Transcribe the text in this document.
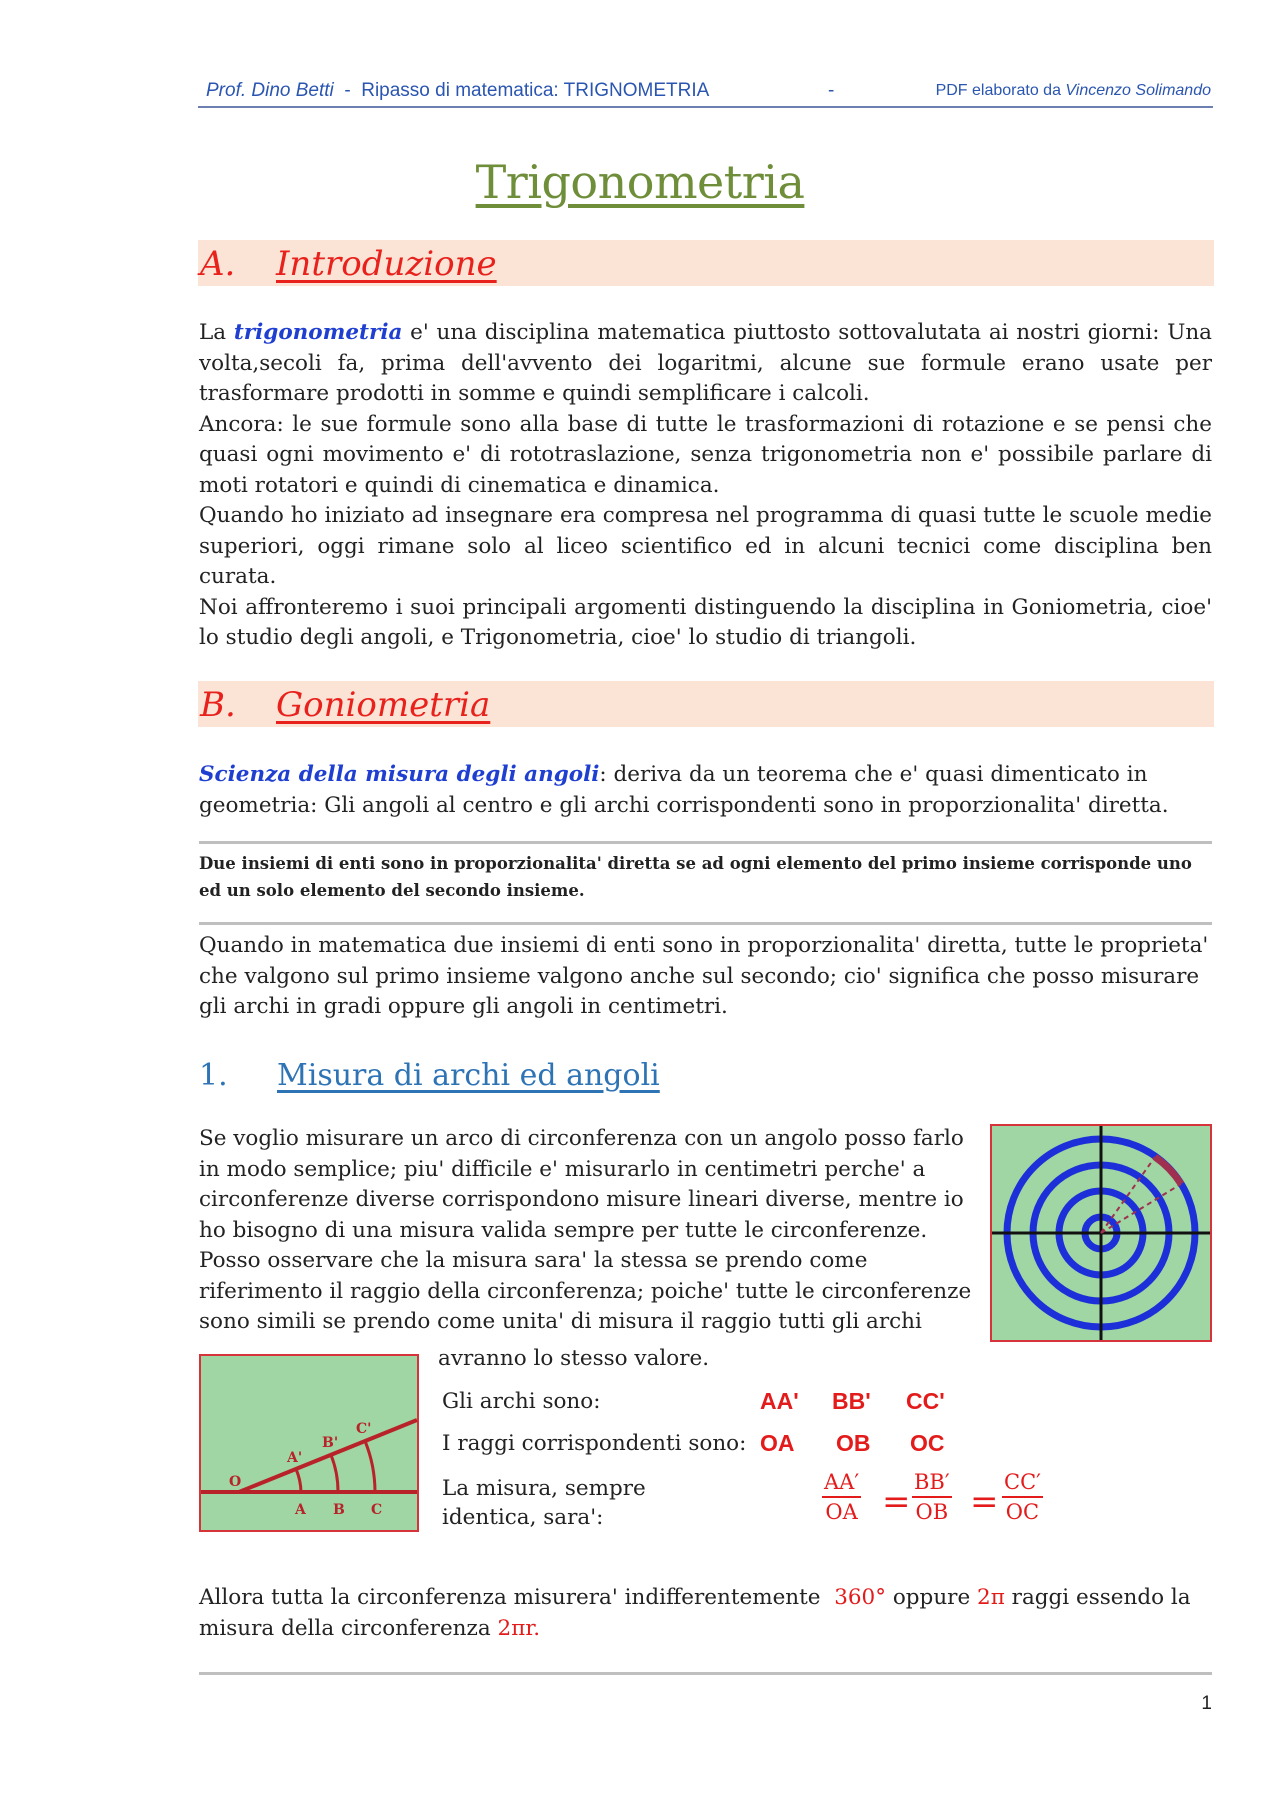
Prof. Dino Betti - Ripasso di matematica: TRIGNOMETRIA	-	PDF elaborato da Vincenzo Solimando
Trigonometria
A. Introduzione

La trigonometria e' una disciplina matematica piuttosto sottovalutata ai nostri giorni: Una volta,secoli fa, prima dell'avvento dei logaritmi, alcune sue formule erano usate per trasformare prodotti in somme e quindi semplificare i calcoli.

Ancora: le sue formule sono alla base di tutte le trasformazioni di rotazione e se pensi che quasi ogni movimento e' di rototraslazione, senza trigonometria non e' possibile parlare di moti rotatori e quindi di cinematica e dinamica.

Quando ho iniziato ad insegnare era compresa nel programma di quasi tutte le scuole medie superiori, oggi rimane solo al liceo scientifico ed in alcuni tecnici come disciplina ben curata.

Noi affronteremo i suoi principali argomenti distinguendo la disciplina in Goniometria, cioe' lo studio degli angoli, e Trigonometria, cioe' lo studio di triangoli.

B. Goniometria

Scienza della misura degli angoli: deriva da un teorema che e' quasi dimenticato in geometria: Gli angoli al centro e gli archi corrispondenti sono in proporzionalita' diretta.

Due insiemi di enti sono in proporzionalita' diretta se ad ogni elemento del primo insieme corrisponde uno ed un solo elemento del secondo insieme.

Quando in matematica due insiemi di enti sono in proporzionalita' diretta, tutte le proprieta' che valgono sul primo insieme valgono anche sul secondo; cio' significa che posso misurare gli archi in gradi oppure gli angoli in centimetri.

1. Misura di archi ed angoli

Se voglio misurare un arco di circonferenza con un angolo posso farlo

in modo semplice; piu' difficile e' misurarlo in centimetri perche' a

circonferenze diverse corrispondono misure lineari diverse, mentre io

ho bisogno di una misura valida sempre per tutte le circonferenze.

Posso osservare che la misura sara' la stessa se prendo come

riferimento il raggio della circonferenza; poiche' tutte le circonferenze

sono simili se prendo come unita' di misura il raggio tutti gli archi

O
A B C
A'
B'
C'
avranno lo stesso valore.
Gli archi sono:	AA' BB' CC'
I raggi corrispondenti sono: OA OB OC
La misura, sempre
identica, sara':	$\frac{AA'}{OA} = \frac{BB'}{OB} = \frac{CC'}{OC}$

Allora tutta la circonferenza misurera' indifferentemente 360° oppure 2π raggi essendo la

misura della circonferenza 2πr.

1
